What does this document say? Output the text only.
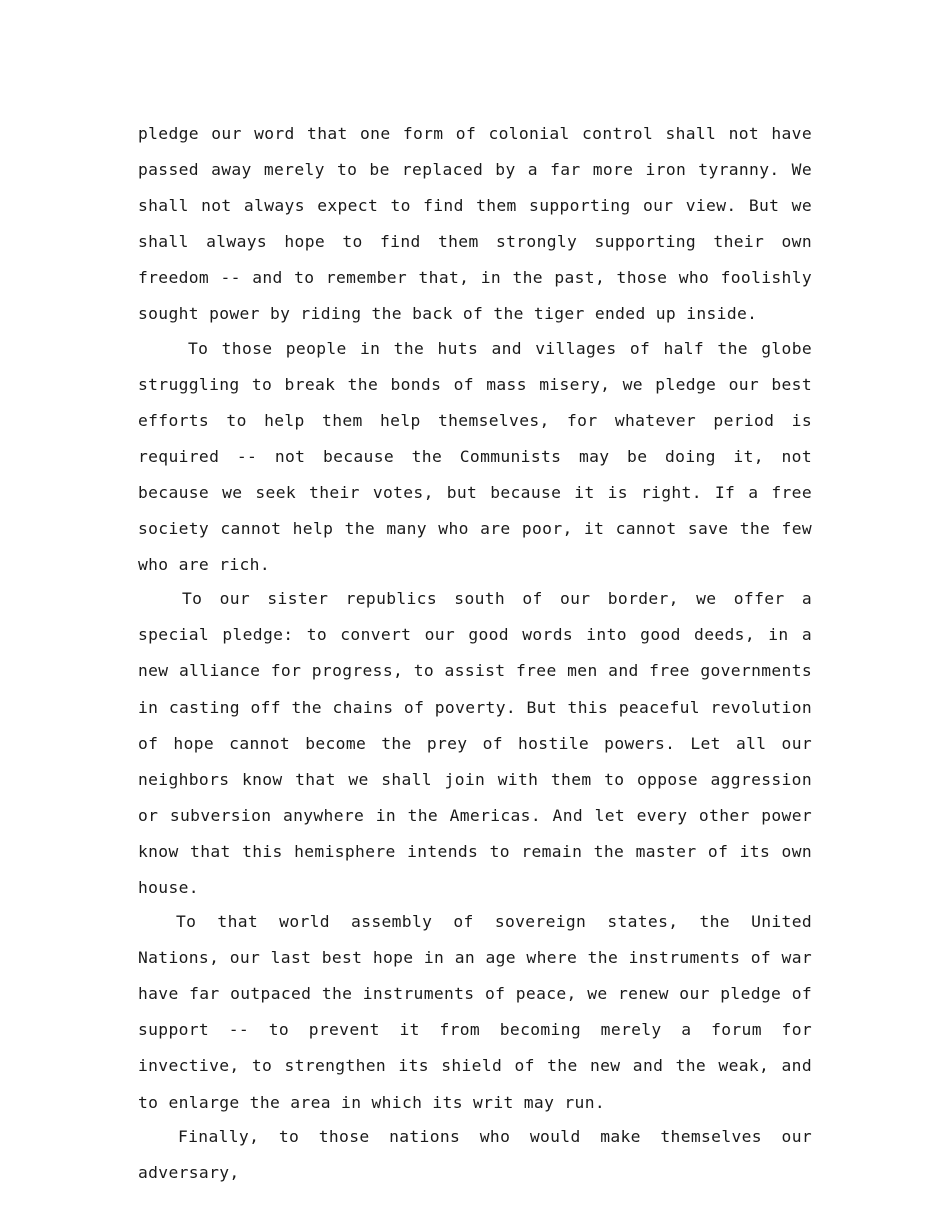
pledge our word that one form of colonial control shall not have passed away merely to be replaced by a far more iron tyranny. We shall not always expect to find them supporting our view. But we shall always hope to find them strongly supporting their own freedom -- and to remember that, in the past, those who foolishly sought power by riding the back of the tiger ended up inside.

To those people in the huts and villages of half the globe struggling to break the bonds of mass misery, we pledge our best efforts to help them help themselves, for whatever period is required -- not because the Communists may be doing it, not because we seek their votes, but because it is right. If a free society cannot help the many who are poor, it cannot save the few who are rich.

To our sister republics south of our border, we offer a special pledge: to convert our good words into good deeds, in a new alliance for progress, to assist free men and free governments in casting off the chains of poverty. But this peaceful revolution of hope cannot become the prey of hostile powers. Let all our neighbors know that we shall join with them to oppose aggression or subversion anywhere in the Americas. And let every other power know that this hemisphere intends to remain the master of its own house.

To that world assembly of sovereign states, the United Nations, our last best hope in an age where the instruments of war have far outpaced the instruments of peace, we renew our pledge of support -- to prevent it from becoming merely a forum for invective, to strengthen its shield of the new and the weak, and to enlarge the area in which its writ may run.

Finally, to those nations who would make themselves our adversary,
